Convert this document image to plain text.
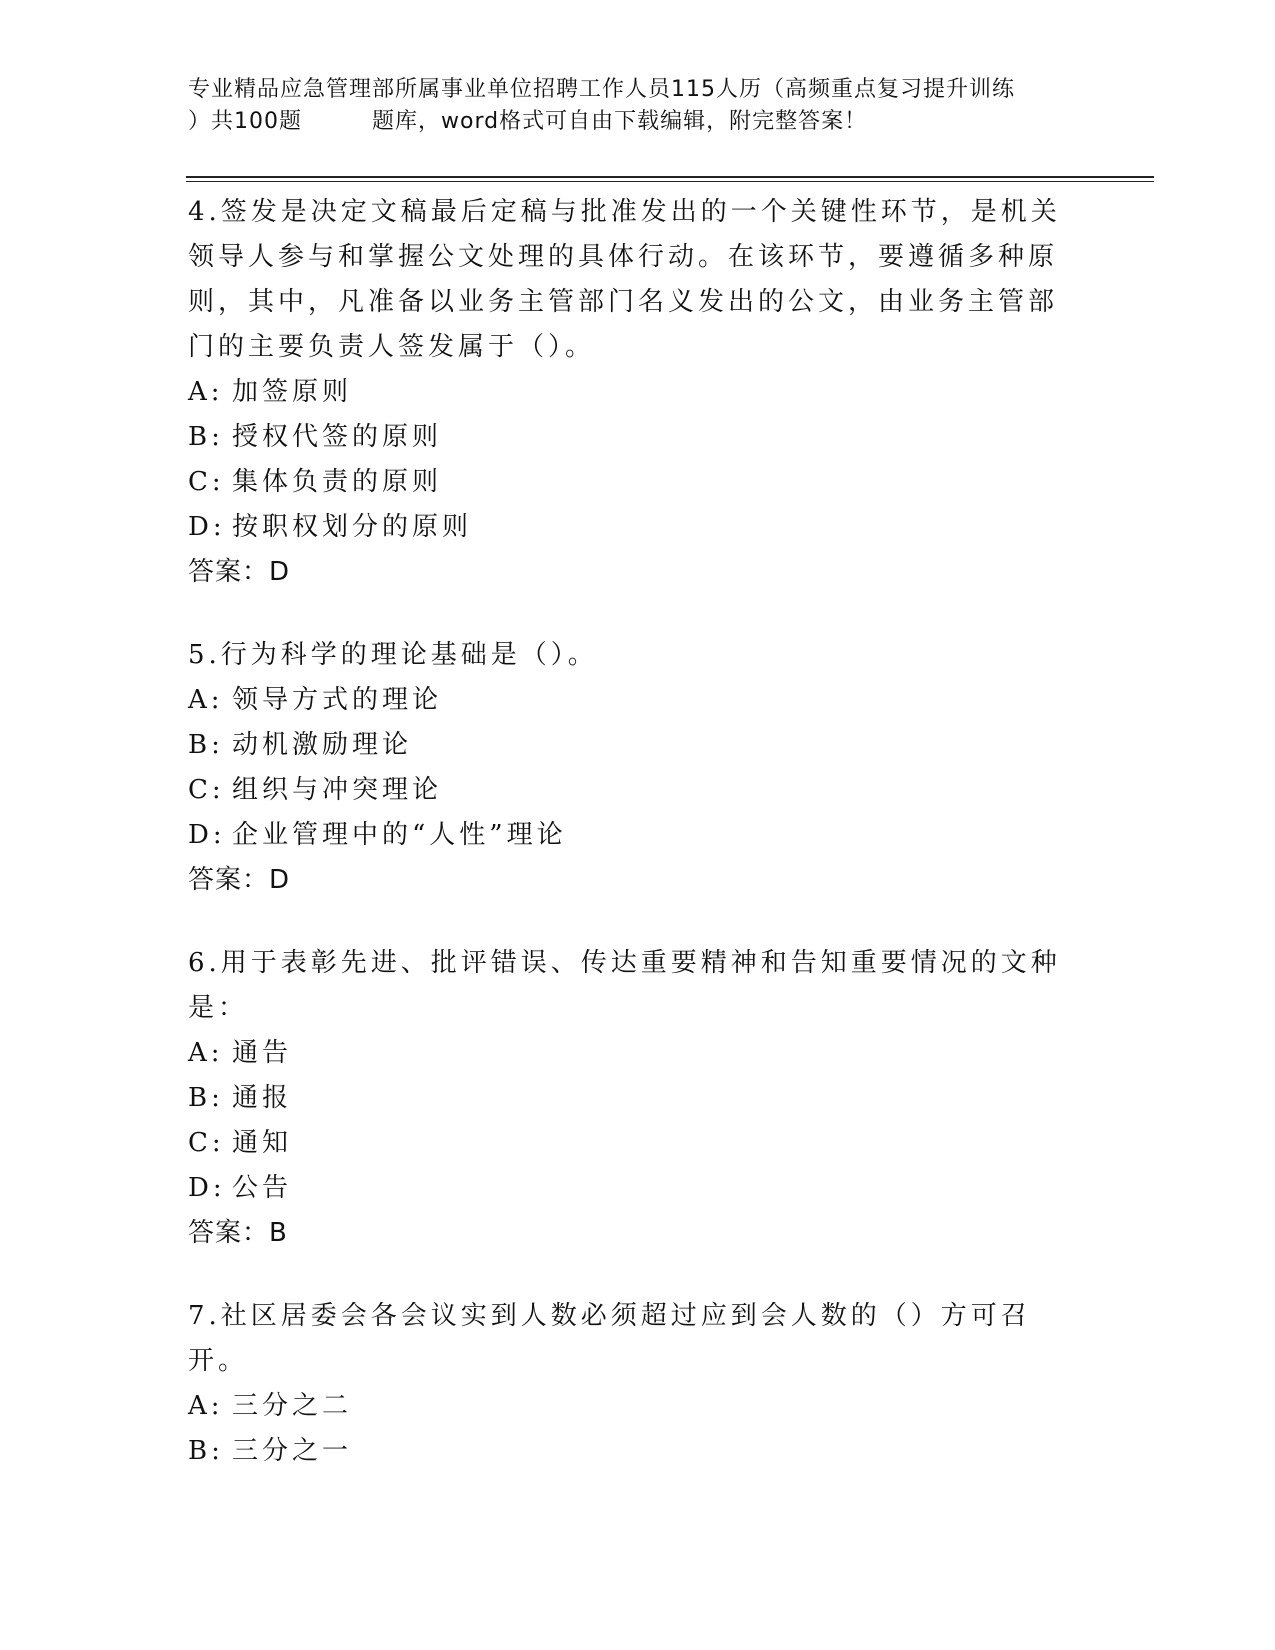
专业精品应急管理部所属事业单位招聘工作人员115人历（高频重点复习提升训练
）共100题	题库，word格式可自由下载编辑，附完整答案！

4.签发是决定文稿最后定稿与批准发出的一个关键性环节，是机关领导人参与和掌握公文处理的具体行动。在该环节，要遵循多种原则，其中，凡准备以业务主管部门名义发出的公文，由业务主管部门的主要负责人签发属于（）。

A: 加签原则

B: 授权代签的原则

C: 集体负责的原则

D: 按职权划分的原则

答案：D

5.行为科学的理论基础是（）。

A: 领导方式的理论

B: 动机激励理论

C: 组织与冲突理论

D: 企业管理中的“人性”理论

答案：D

6.用于表彰先进、批评错误、传达重要精神和告知重要情况的文种是：

A: 通告

B: 通报

C: 通知

D: 公告

答案：B

7.社区居委会各会议实到人数必须超过应到会人数的（）方可召开。

A: 三分之二

B: 三分之一
